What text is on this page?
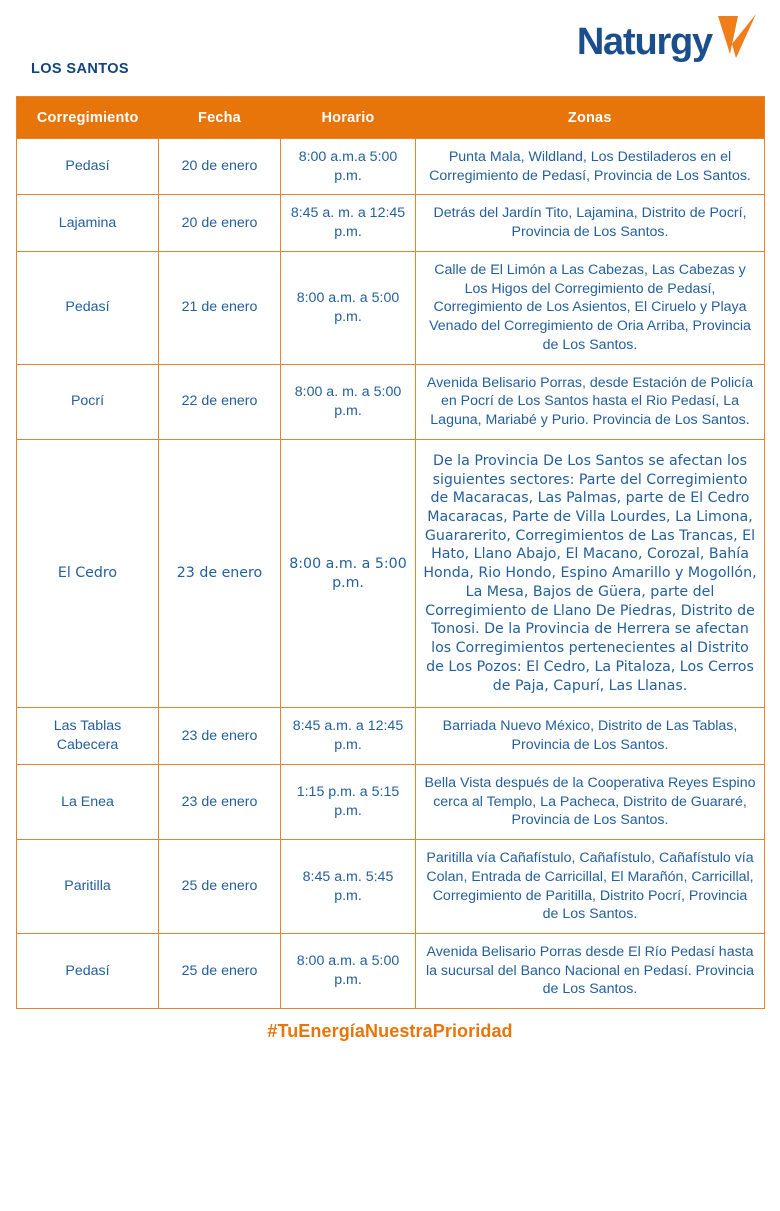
Naturgy
LOS SANTOS
Corregimiento	Fecha	Horario	Zonas
Pedasí	20 de enero	8:00 a.m.a 5:00 p.m.	Punta Mala, Wildland, Los Destiladeros en el Corregimiento de Pedasí, Provincia de Los Santos.
Lajamina	20 de enero	8:45 a. m. a 12:45 p.m.	Detrás del Jardín Tito, Lajamina, Distrito de Pocrí, Provincia de Los Santos.
Pedasí	21 de enero	8:00 a.m. a 5:00 p.m.	Calle de El Limón a Las Cabezas, Las Cabezas y Los Higos del Corregimiento de Pedasí, Corregimiento de Los Asientos, El Ciruelo y Playa Venado del Corregimiento de Oria Arriba, Provincia de Los Santos.
Pocrí	22 de enero	8:00 a. m. a 5:00 p.m.	Avenida Belisario Porras, desde Estación de Policía en Pocrí de Los Santos hasta el Rio Pedasí, La Laguna, Mariabé y Purio. Provincia de Los Santos.
El Cedro	23 de enero	8:00 a.m. a 5:00 p.m.	De la Provincia De Los Santos se afectan los siguientes sectores: Parte del Corregimiento de Macaracas, Las Palmas, parte de El Cedro Macaracas, Parte de Villa Lourdes, La Limona, Guararerito, Corregimientos de Las Trancas, El Hato, Llano Abajo, El Macano, Corozal, Bahía Honda, Rio Hondo, Espino Amarillo y Mogollón, La Mesa, Bajos de Güera, parte del Corregimiento de Llano De Piedras, Distrito de Tonosi. De la Provincia de Herrera se afectan los Corregimientos pertenecientes al Distrito de Los Pozos: El Cedro, La Pitaloza, Los Cerros de Paja, Capurí, Las Llanas.
Las Tablas Cabecera	23 de enero	8:45 a.m. a 12:45 p.m.	Barriada Nuevo México, Distrito de Las Tablas, Provincia de Los Santos.
La Enea	23 de enero	1:15 p.m. a 5:15 p.m.	Bella Vista después de la Cooperativa Reyes Espino cerca al Templo, La Pacheca, Distrito de Guararé, Provincia de Los Santos.
Paritilla	25 de enero	8:45 a.m. 5:45 p.m.	Paritilla vía Cañafístulo, Cañafístulo, Cañafístulo vía Colan, Entrada de Carricillal, El Marañón, Carricillal, Corregimiento de Paritilla, Distrito Pocrí, Provincia de Los Santos.
Pedasí	25 de enero	8:00 a.m. a 5:00 p.m.	Avenida Belisario Porras desde El Río Pedasí hasta la sucursal del Banco Nacional en Pedasí. Provincia de Los Santos.
#TuEnergíaNuestraPrioridad
